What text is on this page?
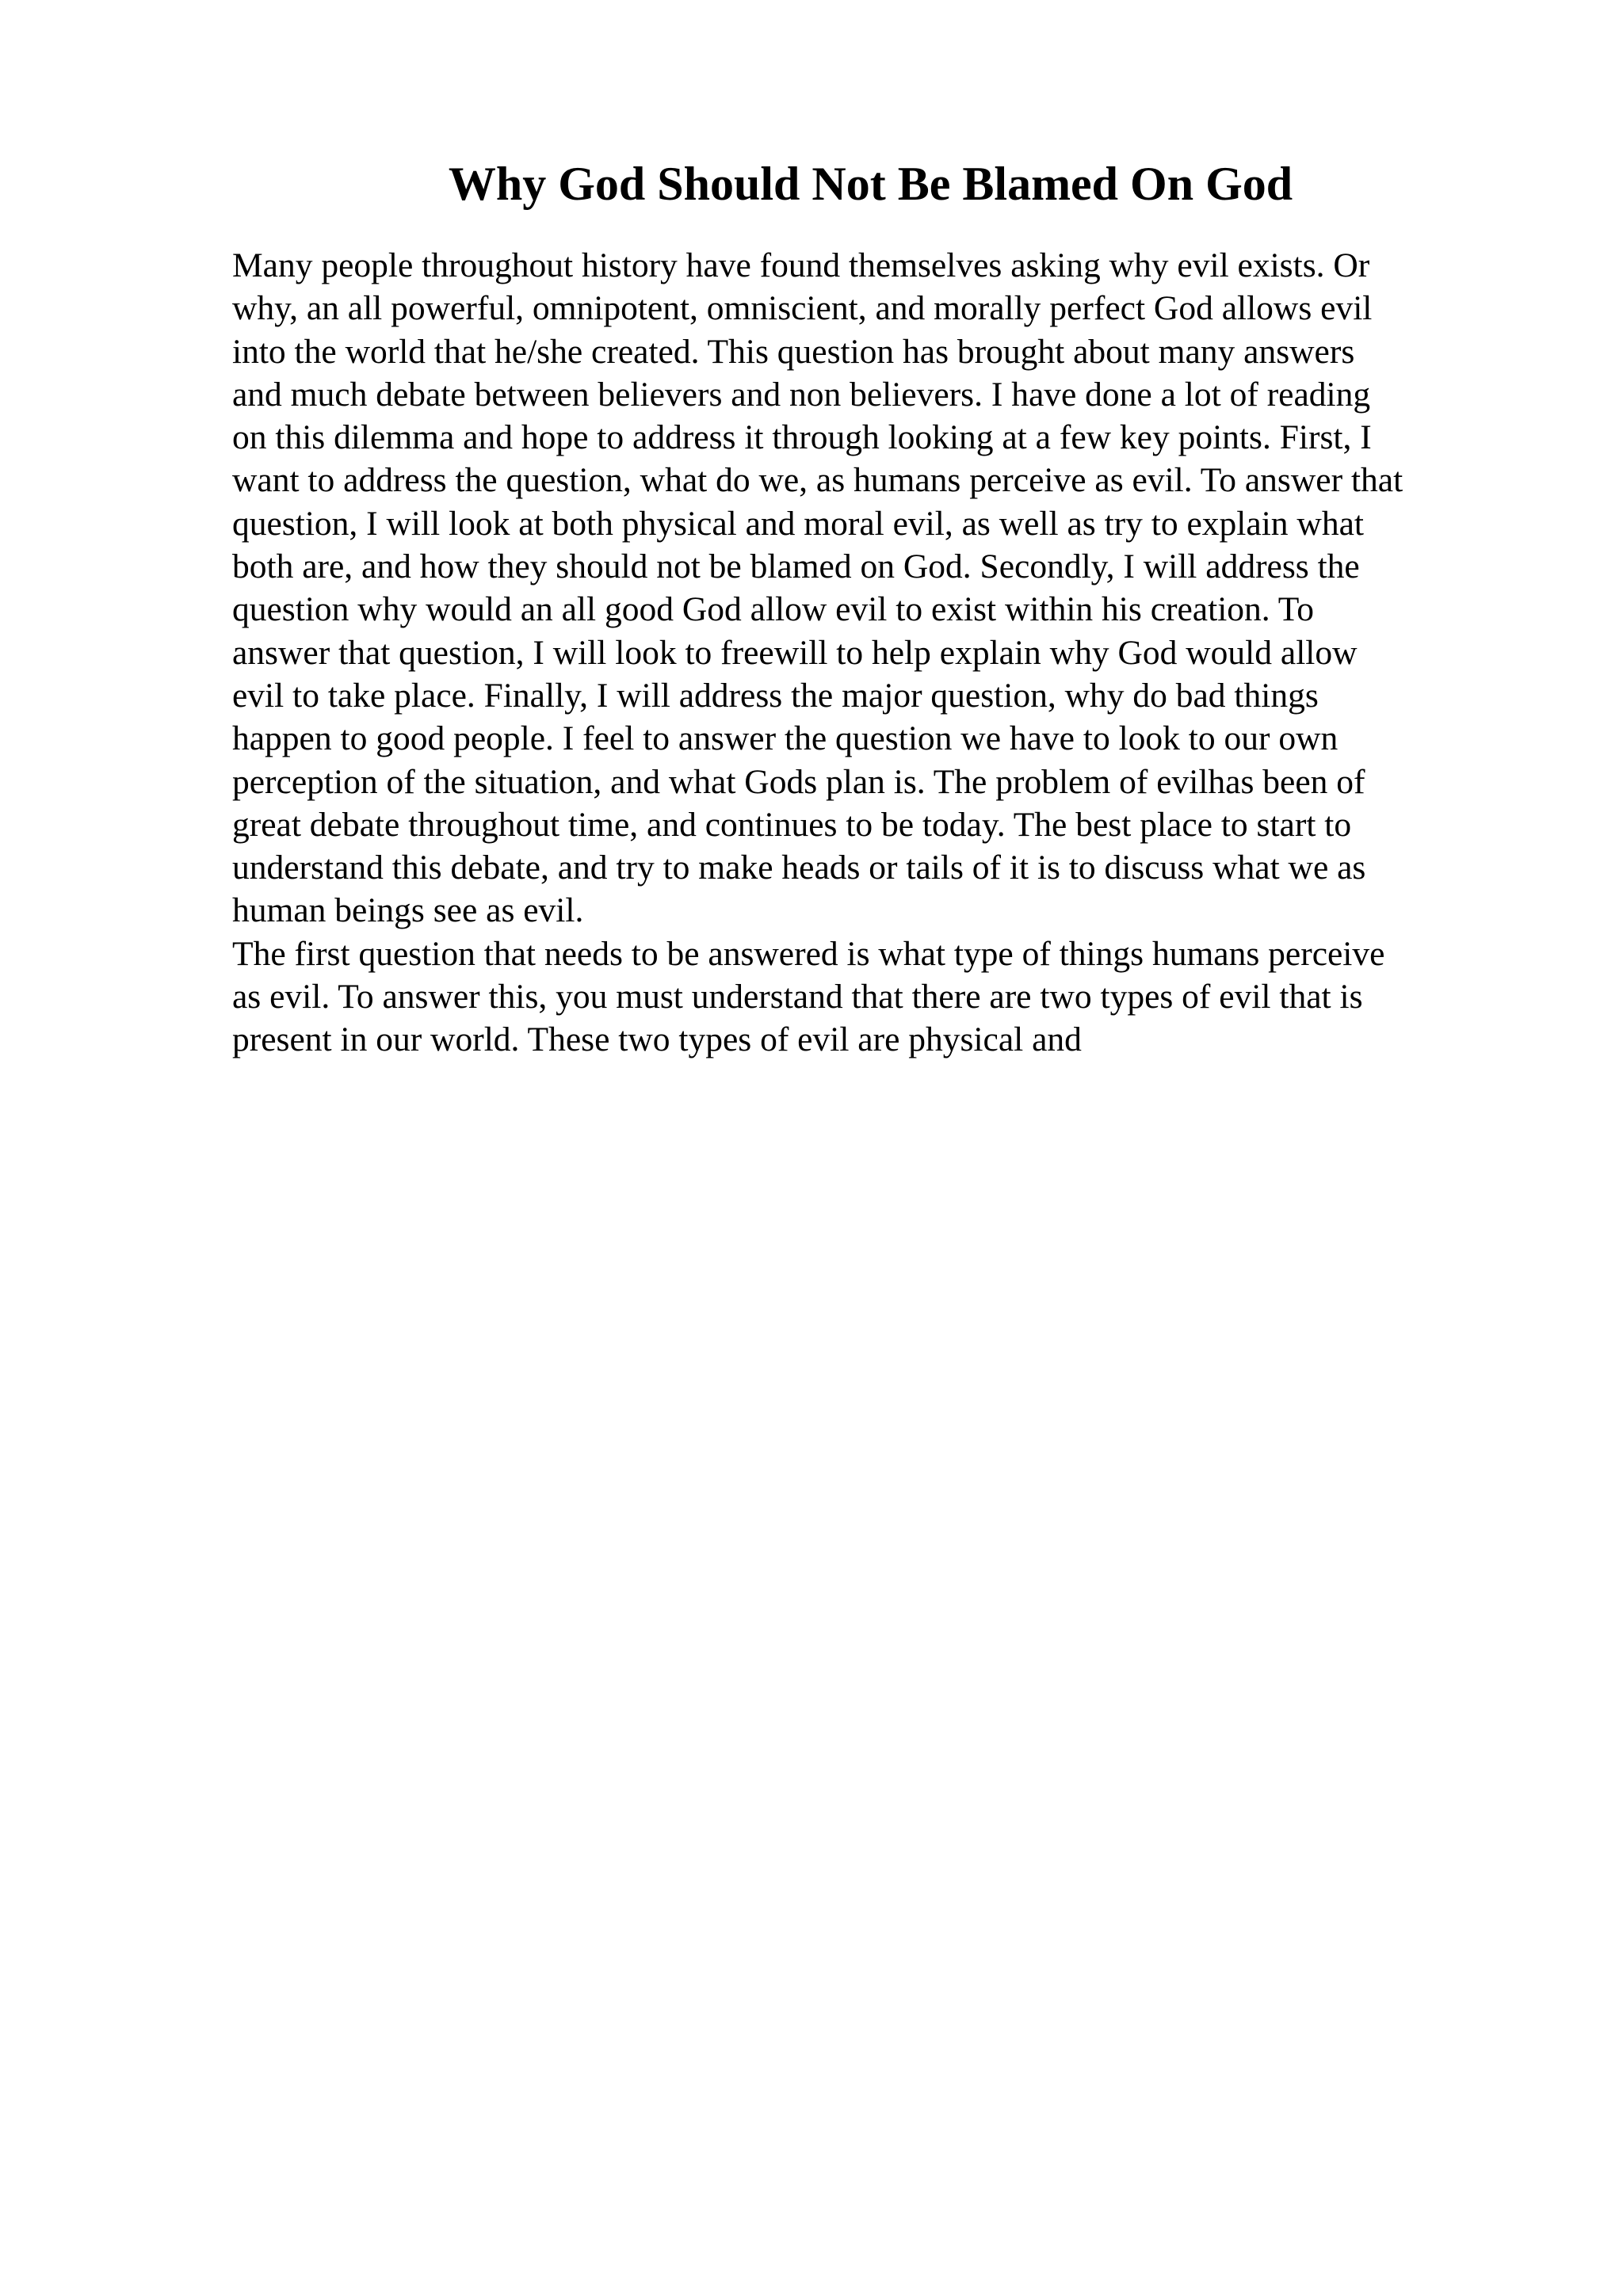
Why God Should Not Be Blamed On God
Many people throughout history have found themselves asking why evil exists. Or
why, an all powerful, omnipotent, omniscient, and morally perfect God allows evil
into the world that he/she created. This question has brought about many answers
and much debate between believers and non believers. I have done a lot of reading
on this dilemma and hope to address it through looking at a few key points. First, I
want to address the question, what do we, as humans perceive as evil. To answer that
question, I will look at both physical and moral evil, as well as try to explain what
both are, and how they should not be blamed on God. Secondly, I will address the
question why would an all good God allow evil to exist within his creation. To
answer that question, I will look to freewill to help explain why God would allow
evil to take place. Finally, I will address the major question, why do bad things
happen to good people. I feel to answer the question we have to look to our own
perception of the situation, and what Gods plan is. The problem of evilhas been of
great debate throughout time, and continues to be today. The best place to start to
understand this debate, and try to make heads or tails of it is to discuss what we as
human beings see as evil.
The first question that needs to be answered is what type of things humans perceive
as evil. To answer this, you must understand that there are two types of evil that is
present in our world. These two types of evil are physical and
